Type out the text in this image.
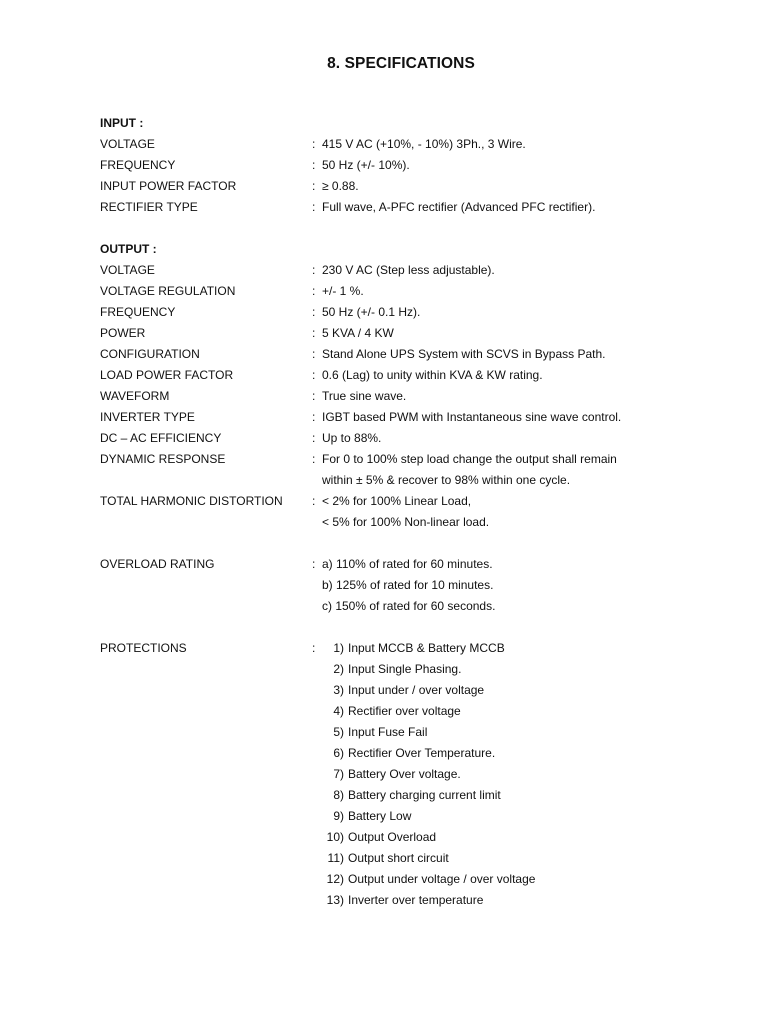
8. SPECIFICATIONS
INPUT :
VOLTAGE	: 415 V AC (+10%, - 10%) 3Ph., 3 Wire.
FREQUENCY	: 50 Hz (+/- 10%).
INPUT POWER FACTOR	: ≥ 0.88.
RECTIFIER TYPE	: Full wave, A-PFC rectifier (Advanced PFC rectifier).
OUTPUT :
VOLTAGE	: 230 V AC (Step less adjustable).
VOLTAGE REGULATION	: +/- 1 %.
FREQUENCY	: 50 Hz (+/- 0.1 Hz).
POWER	: 5 KVA / 4 KW
CONFIGURATION	: Stand Alone UPS System with SCVS in Bypass Path.
LOAD POWER FACTOR	: 0.6 (Lag) to unity within KVA & KW rating.
WAVEFORM	: True sine wave.
INVERTER TYPE	: IGBT based PWM with Instantaneous sine wave control.
DC – AC EFFICIENCY	: Up to 88%.
DYNAMIC RESPONSE	: For 0 to 100% step load change the output shall remain
within ± 5% & recover to 98% within one cycle.
TOTAL HARMONIC DISTORTION	: < 2% for 100% Linear Load,
< 5% for 100% Non-linear load.
OVERLOAD RATING	: a) 110% of rated for 60 minutes.
b) 125% of rated for 10 minutes.
c) 150% of rated for 60 seconds.
PROTECTIONS	:	1) Input MCCB & Battery MCCB
2) Input Single Phasing.
3) Input under / over voltage
4) Rectifier over voltage
5) Input Fuse Fail
6) Rectifier Over Temperature.
7) Battery Over voltage.
8) Battery charging current limit
9) Battery Low
10) Output Overload
11) Output short circuit
12) Output under voltage / over voltage
13) Inverter over temperature
